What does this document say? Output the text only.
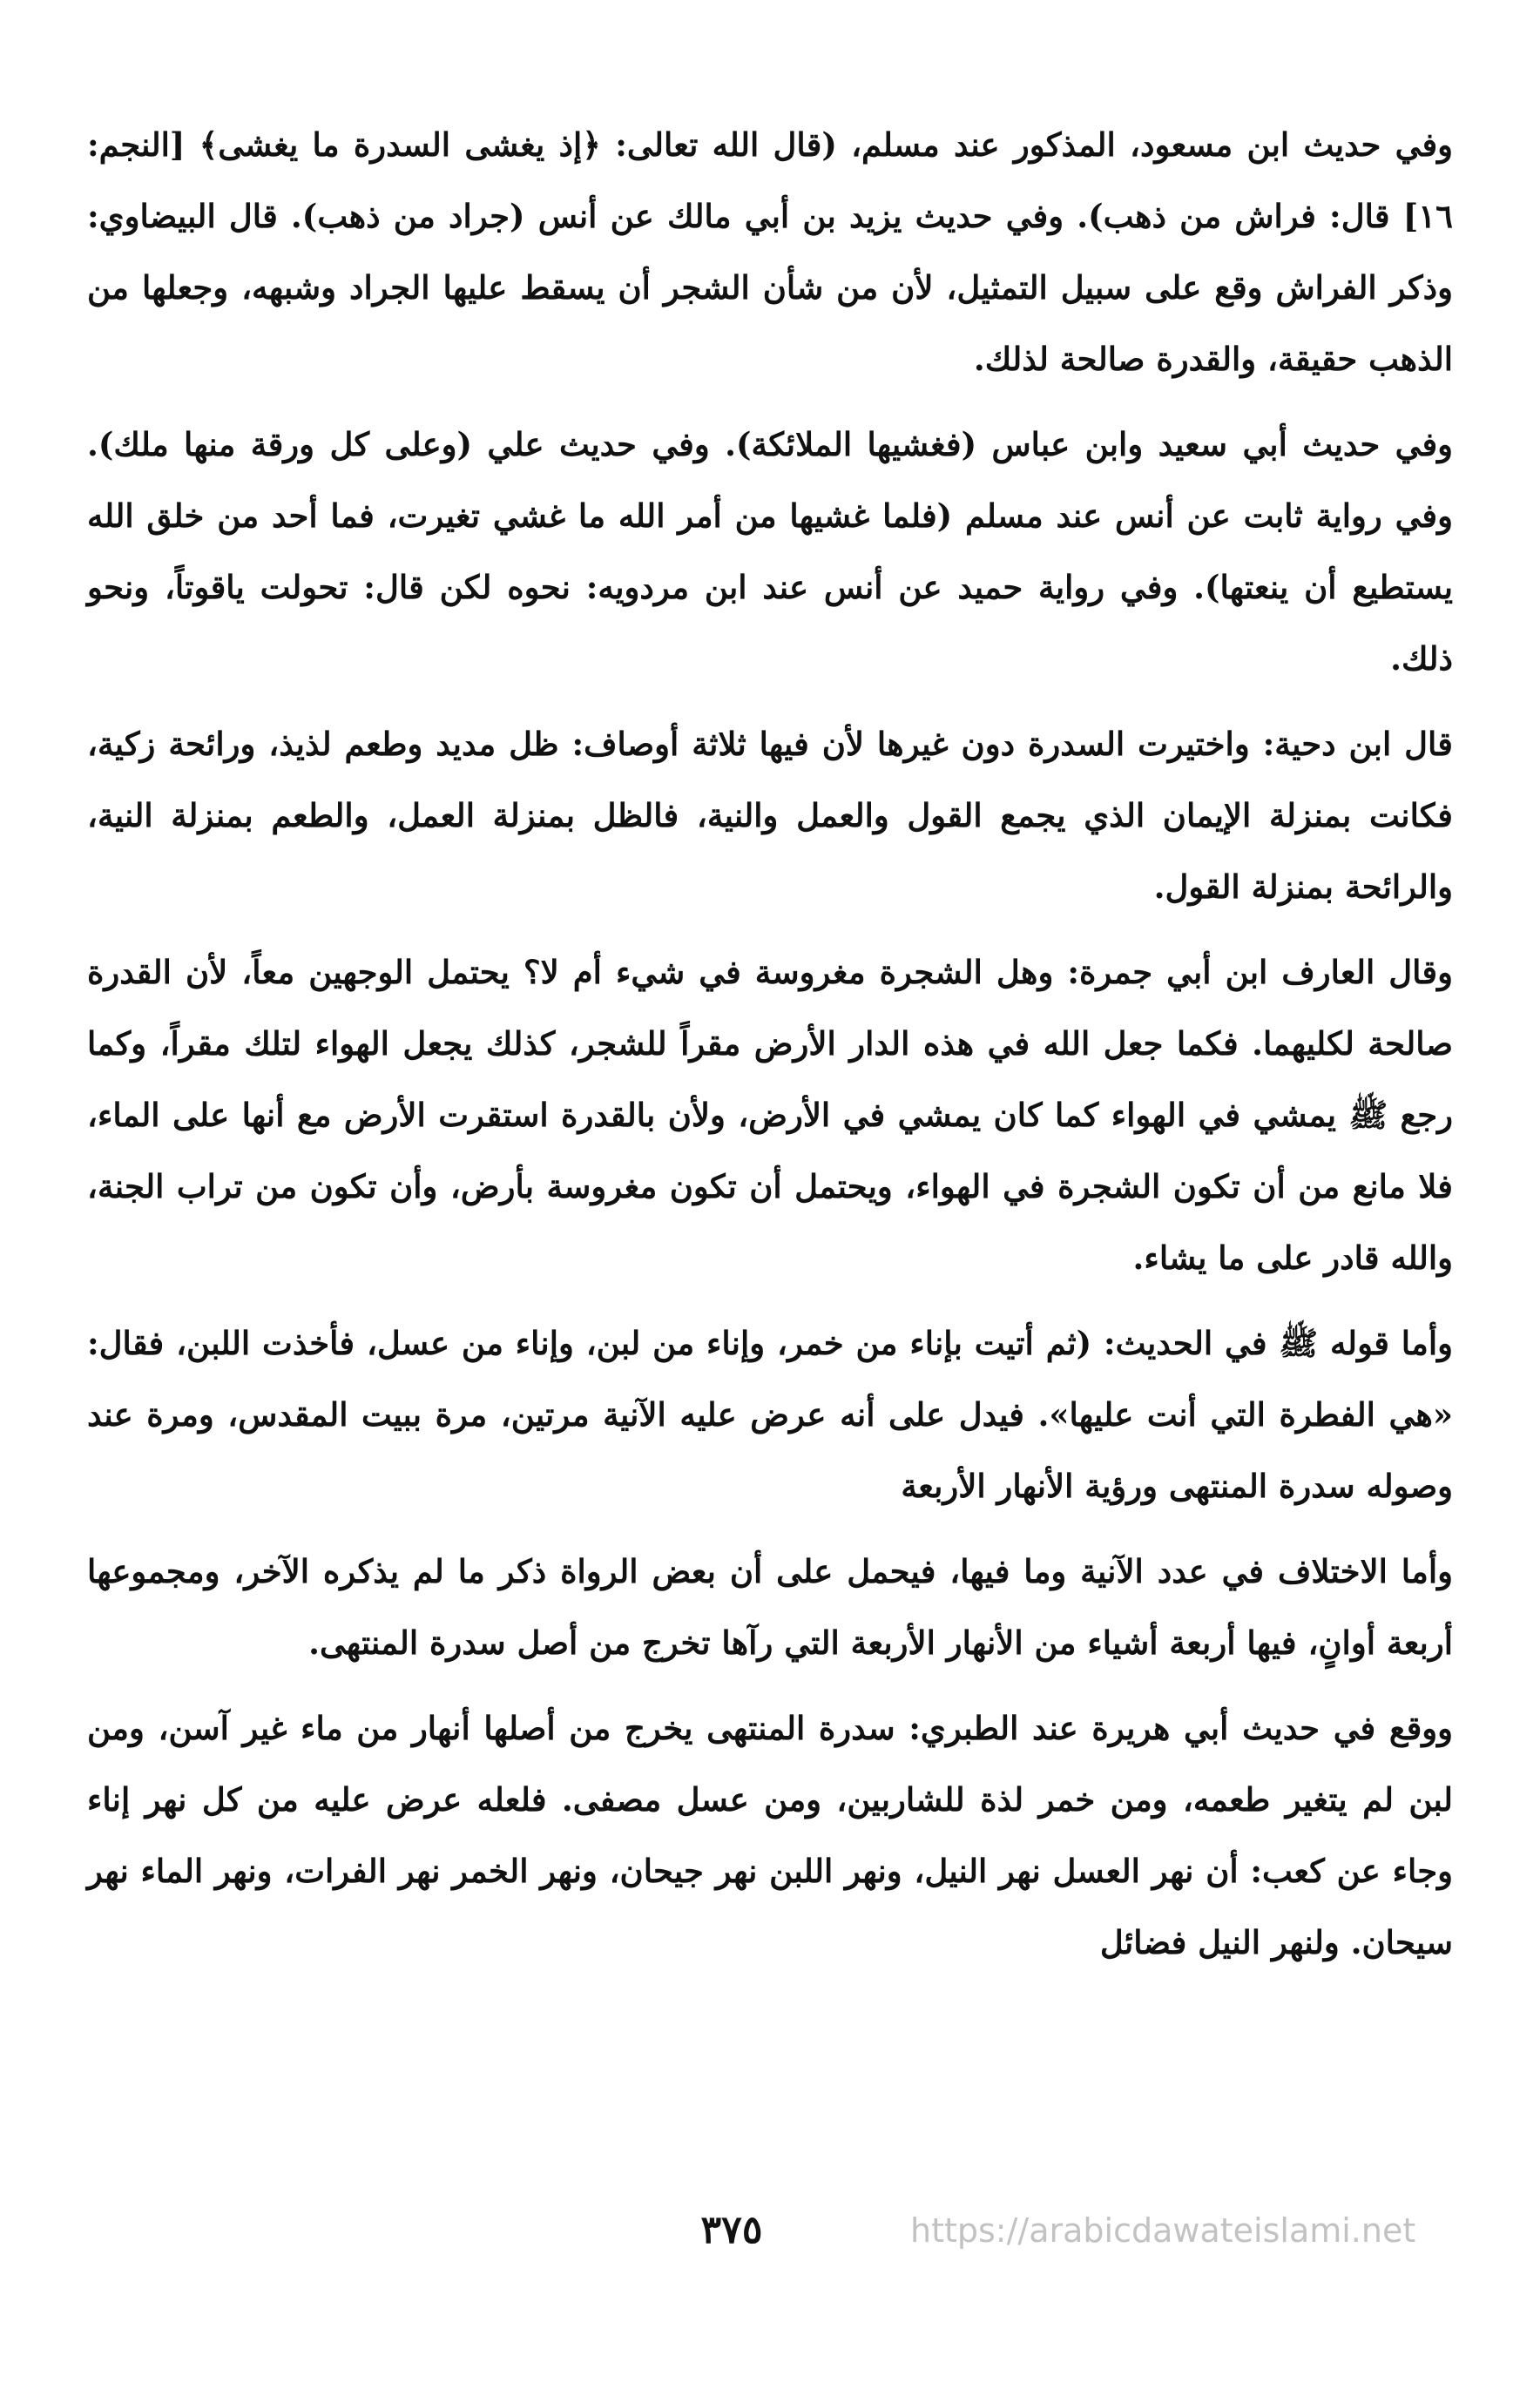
وفي حديث ابن مسعود، المذكور عند مسلم، (قال الله تعالى: ﴿إذ يغشى السدرة ما يغشى﴾ [النجم: ١٦] قال: فراش من ذهب). وفي حديث يزيد بن أبي مالك عن أنس (جراد من ذهب). قال البيضاوي: وذكر الفراش وقع على سبيل التمثيل، لأن من شأن الشجر أن يسقط عليها الجراد وشبهه، وجعلها من الذهب حقيقة، والقدرة صالحة لذلك.

وفي حديث أبي سعيد وابن عباس (فغشيها الملائكة). وفي حديث علي (وعلى كل ورقة منها ملك). وفي رواية ثابت عن أنس عند مسلم (فلما غشيها من أمر الله ما غشي تغيرت، فما أحد من خلق الله يستطيع أن ينعتها). وفي رواية حميد عن أنس عند ابن مردويه: نحوه لكن قال: تحولت ياقوتاً، ونحو ذلك.

قال ابن دحية: واختيرت السدرة دون غيرها لأن فيها ثلاثة أوصاف: ظل مديد وطعم لذيذ، ورائحة زكية، فكانت بمنزلة الإيمان الذي يجمع القول والعمل والنية، فالظل بمنزلة العمل، والطعم بمنزلة النية، والرائحة بمنزلة القول.

وقال العارف ابن أبي جمرة: وهل الشجرة مغروسة في شيء أم لا؟ يحتمل الوجهين معاً، لأن القدرة صالحة لكليهما. فكما جعل الله في هذه الدار الأرض مقراً للشجر، كذلك يجعل الهواء لتلك مقراً، وكما رجع ﷺ يمشي في الهواء كما كان يمشي في الأرض، ولأن بالقدرة استقرت الأرض مع أنها على الماء، فلا مانع من أن تكون الشجرة في الهواء، ويحتمل أن تكون مغروسة بأرض، وأن تكون من تراب الجنة، والله قادر على ما يشاء.

وأما قوله ﷺ في الحديث: (ثم أتيت بإناء من خمر، وإناء من لبن، وإناء من عسل، فأخذت اللبن، فقال: «هي الفطرة التي أنت عليها». فيدل على أنه عرض عليه الآنية مرتين، مرة ببيت المقدس، ومرة عند وصوله سدرة المنتهى ورؤية الأنهار الأربعة

وأما الاختلاف في عدد الآنية وما فيها، فيحمل على أن بعض الرواة ذكر ما لم يذكره الآخر، ومجموعها أربعة أوانٍ، فيها أربعة أشياء من الأنهار الأربعة التي رآها تخرج من أصل سدرة المنتهى.

ووقع في حديث أبي هريرة عند الطبري: سدرة المنتهى يخرج من أصلها أنهار من ماء غير آسن، ومن لبن لم يتغير طعمه، ومن خمر لذة للشاربين، ومن عسل مصفى. فلعله عرض عليه من كل نهر إناء وجاء عن كعب: أن نهر العسل نهر النيل، ونهر اللبن نهر جيحان، ونهر الخمر نهر الفرات، ونهر الماء نهر سيحان. ولنهر النيل فضائل

٣٧٥	https://arabicdawateislami.net
